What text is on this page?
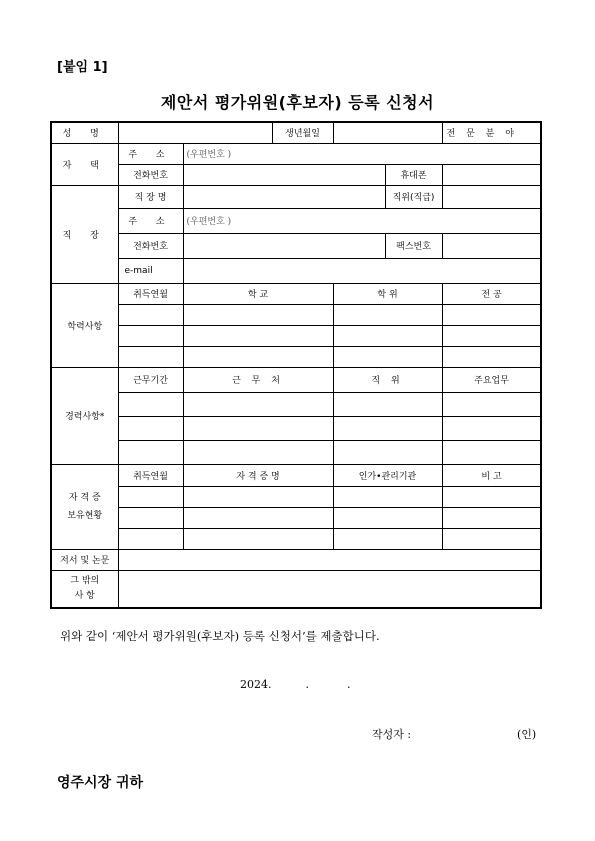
[붙임 1]
제안서 평가위원(후보자) 등록 신청서
성 명			생년월일			전 문 분 야
자 택	주 소	(우편번호 )				
	전화번호				휴대폰	
직 장	직 장 명				직위(직급)	
	주 소	(우편번호 )				
	전화번호				팩스번호	
	e-mail					
학력사항	취득연월	학 교		학 위		전 공

경력사항*	근무기간	근 무 처		직 위		주요업무

자 격 증
보유현황	취득연월	자 격 증 명		인가•관리기관		비 고

저서 및 논문						
그 밖의
사 항						
위와 같이 ‘제안서 평가위원(후보자) 등록 신청서’를 제출합니다.
2024.	.	.
작성자 :	(인)
영주시장 귀하
